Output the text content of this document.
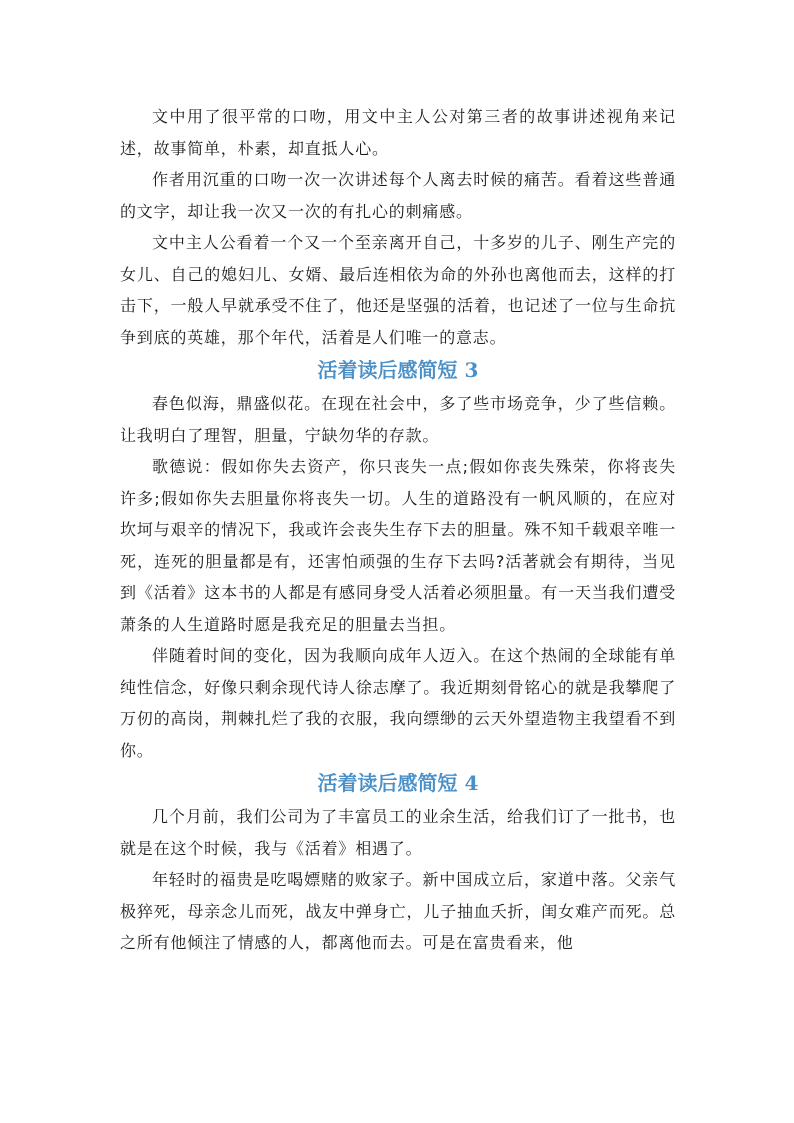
文中用了很平常的口吻，用文中主人公对第三者的故事讲述视角来记述，故事简单，朴素，却直抵人心。

作者用沉重的口吻一次一次讲述每个人离去时候的痛苦。看着这些普通的文字，却让我一次又一次的有扎心的刺痛感。

文中主人公看着一个又一个至亲离开自己，十多岁的儿子、刚生产完的女儿、自己的媳妇儿、女婿、最后连相依为命的外孙也离他而去，这样的打击下，一般人早就承受不住了，他还是坚强的活着，也记述了一位与生命抗争到底的英雄，那个年代，活着是人们唯一的意志。

活着读后感简短 3

春色似海，鼎盛似花。在现在社会中，多了些市场竞争，少了些信赖。让我明白了理智，胆量，宁缺勿华的存款。

歌德说：假如你失去资产，你只丧失一点;假如你丧失殊荣，你将丧失许多;假如你失去胆量你将丧失一切。人生的道路没有一帆风顺的，在应对坎坷与艰辛的情况下，我或许会丧失生存下去的胆量。殊不知千载艰辛唯一死，连死的胆量都是有，还害怕顽强的生存下去吗?活著就会有期待，当见到《活着》这本书的人都是有感同身受人活着必须胆量。有一天当我们遭受萧条的人生道路时愿是我充足的胆量去当担。

伴随着时间的变化，因为我顺向成年人迈入。在这个热闹的全球能有单纯性信念，好像只剩余现代诗人徐志摩了。我近期刻骨铭心的就是我攀爬了万仞的高岗，荆棘扎烂了我的衣服，我向缥缈的云天外望造物主我望看不到你。

活着读后感简短 4

几个月前，我们公司为了丰富员工的业余生活，给我们订了一批书，也就是在这个时候，我与《活着》相遇了。

年轻时的福贵是吃喝嫖赌的败家子。新中国成立后，家道中落。父亲气极猝死，母亲念儿而死，战友中弹身亡，儿子抽血夭折，闺女难产而死。总之所有他倾注了情感的人，都离他而去。可是在富贵看来，他
